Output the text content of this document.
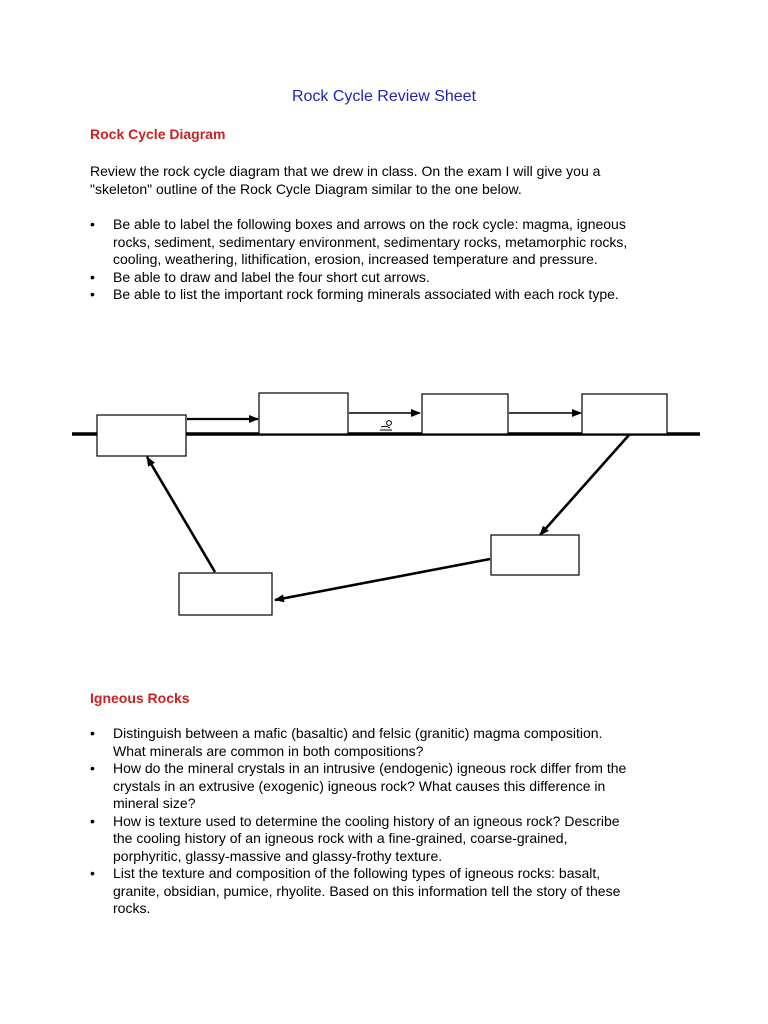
Rock Cycle Review Sheet
Rock Cycle Diagram

Review the rock cycle diagram that we drew in class. On the exam I will give you a
"skeleton" outline of the Rock Cycle Diagram similar to the one below.

• Be able to label the following boxes and arrows on the rock cycle: magma, igneous
rocks, sediment, sedimentary environment, sedimentary rocks, metamorphic rocks,
cooling, weathering, lithification, erosion, increased temperature and pressure.
• Be able to draw and label the four short cut arrows.
• Be able to list the important rock forming minerals associated with each rock type.
Igneous Rocks
• Distinguish between a mafic (basaltic) and felsic (granitic) magma composition.
What minerals are common in both compositions?
• How do the mineral crystals in an intrusive (endogenic) igneous rock differ from the
crystals in an extrusive (exogenic) igneous rock? What causes this difference in
mineral size?
• How is texture used to determine the cooling history of an igneous rock? Describe
the cooling history of an igneous rock with a fine-grained, coarse-grained,
porphyritic, glassy-massive and glassy-frothy texture.
• List the texture and composition of the following types of igneous rocks: basalt,
granite, obsidian, pumice, rhyolite. Based on this information tell the story of these
rocks.
